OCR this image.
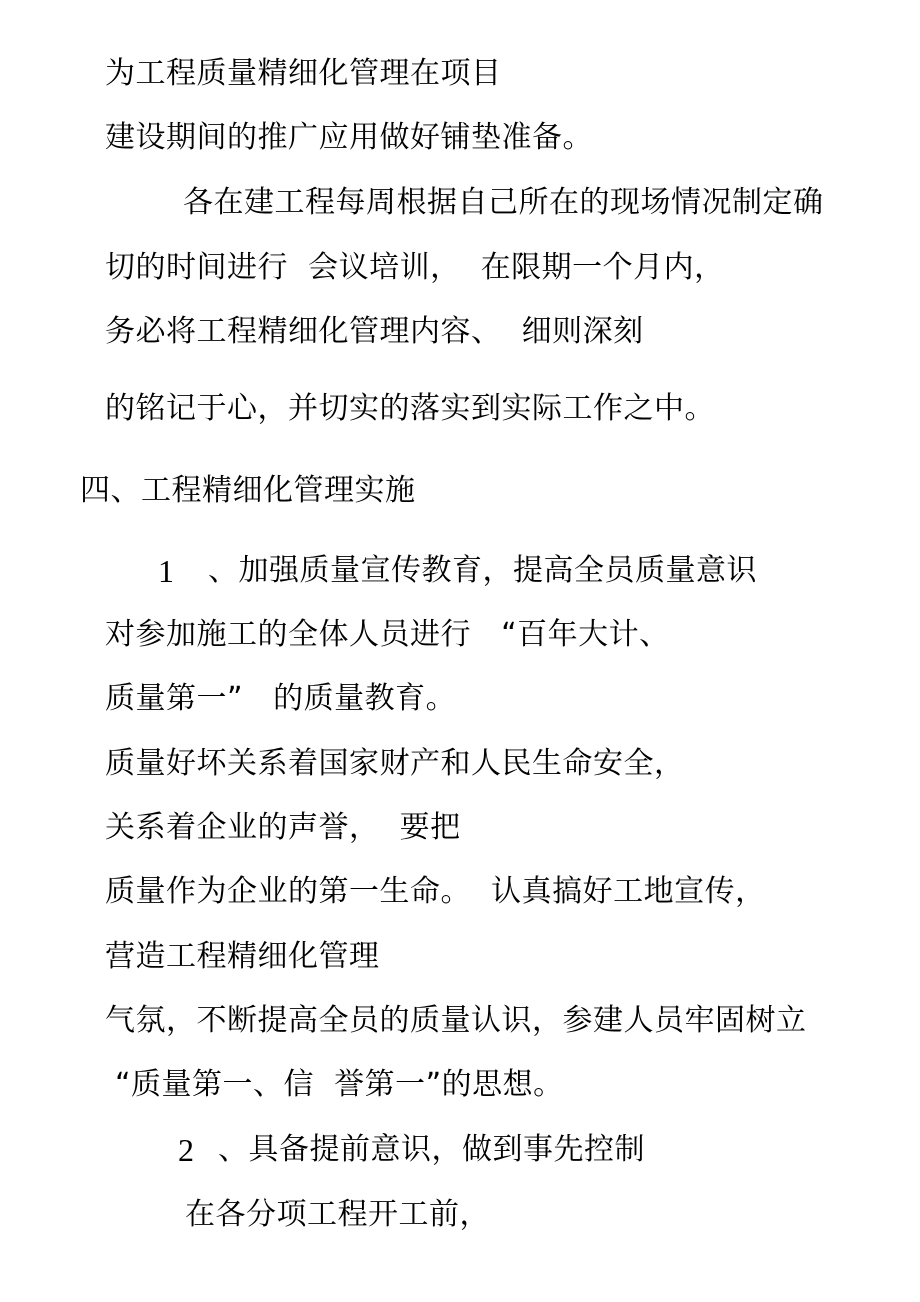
为工程质量精细化管理在项目
建设期间的推广应用做好铺垫准备。
各在建工程每周根据自己所在的现场情况制定确
切的时间进行  会议培训，  在限期一个月内，
务必将工程精细化管理内容、  细则深刻
的铭记于心，并切实的落实到实际工作之中。
四、工程精细化管理实施
1 、加强质量宣传教育，提高全员质量意识
对参加施工的全体人员进行   “百年大计、
质量第一”   的质量教育。
质量好坏关系着国家财产和人民生命安全，
关系着企业的声誉，  要把
质量作为企业的第一生命。  认真搞好工地宣传，
营造工程精细化管理
气氛，不断提高全员的质量认识，参建人员牢固树立
“质量第一、信  誉第一”的思想。
2 、具备提前意识，做到事先控制
在各分项工程开工前，
